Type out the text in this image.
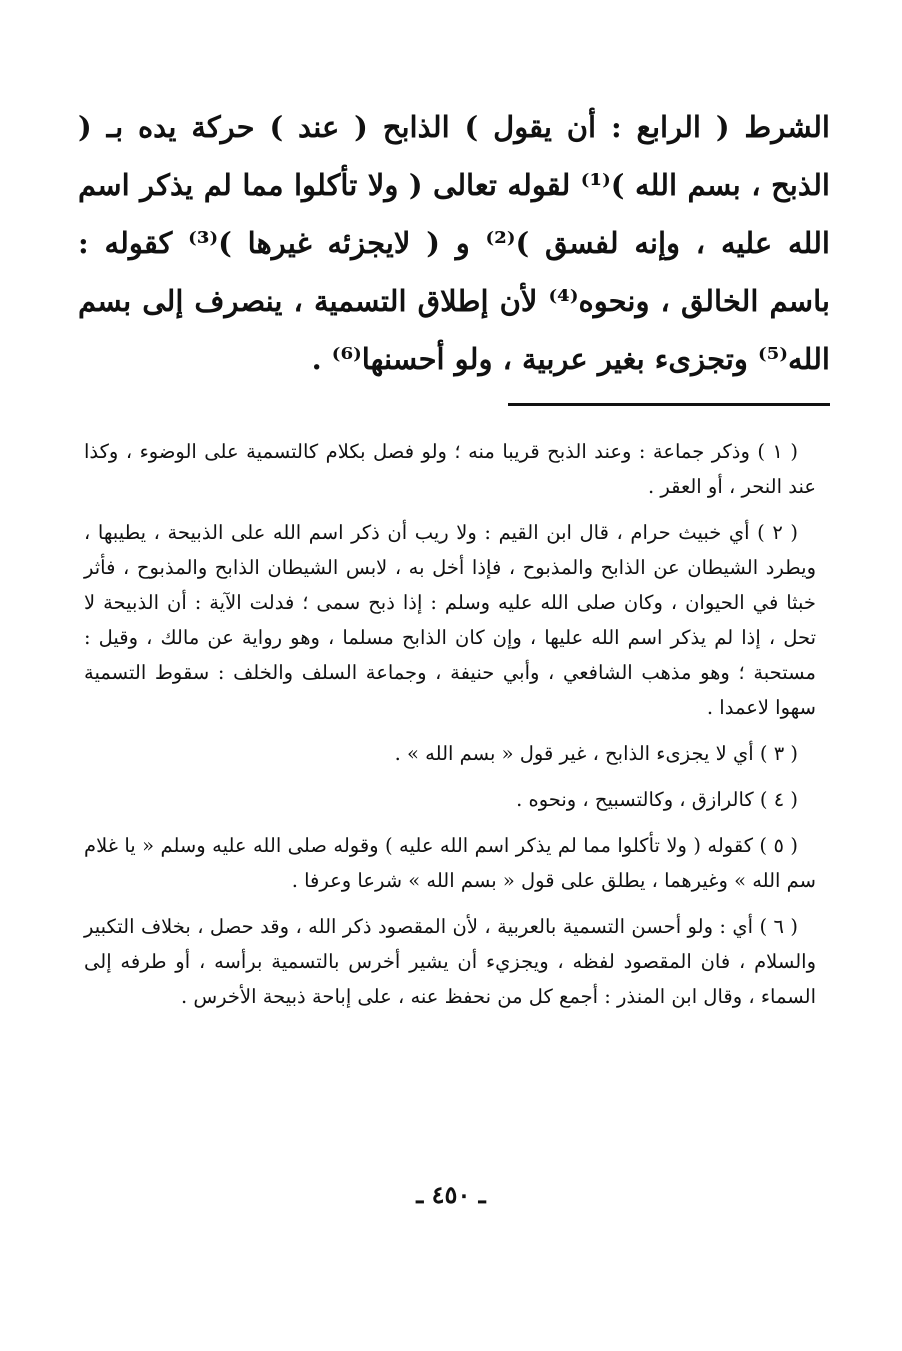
الشرط ( الرابع : أن يقول ) الذابح ( عند ) حركة يده بـ ( الذبح ، بسم الله )⁽¹⁾ لقوله تعالى ( ولا تأكلوا مما لم يذكر اسم الله عليه ، وإنه لفسق )⁽²⁾ و ( لايجزئه غيرها )⁽³⁾ كقوله : باسم الخالق ، ونحوه⁽⁴⁾ لأن إطلاق التسمية ، ينصرف إلى بسم الله⁽⁵⁾ وتجزىء بغير عربية ، ولو أحسنها⁽⁶⁾ .

( ١ ) وذكر جماعة : وعند الذبح قريبا منه ؛ ولو فصل بكلام كالتسمية على الوضوء ، وكذا عند النحر ، أو العقر .

( ٢ ) أي خبيث حرام ، قال ابن القيم : ولا ريب أن ذكر اسم الله على الذبيحة ، يطيبها ، ويطرد الشيطان عن الذابح والمذبوح ، فإذا أخل به ، لابس الشيطان الذابح والمذبوح ، فأثر خبثا في الحيوان ، وكان صلى الله عليه وسلم : إذا ذبح سمى ؛ فدلت الآية : أن الذبيحة لا تحل ، إذا لم يذكر اسم الله عليها ، وإن كان الذابح مسلما ، وهو رواية عن مالك ، وقيل : مستحبة ؛ وهو مذهب الشافعي ، وأبي حنيفة ، وجماعة السلف والخلف : سقوط التسمية سهوا لاعمدا .

( ٣ ) أي لا يجزىء الذابح ، غير قول « بسم الله » .

( ٤ ) كالرازق ، وكالتسبيح ، ونحوه .

( ٥ ) كقوله ( ولا تأكلوا مما لم يذكر اسم الله عليه ) وقوله صلى الله عليه وسلم « يا غلام سم الله » وغيرهما ، يطلق على قول « بسم الله » شرعا وعرفا .

( ٦ ) أي : ولو أحسن التسمية بالعربية ، لأن المقصود ذكر الله ، وقد حصل ، بخلاف التكبير والسلام ، فان المقصود لفظه ، ويجزيء أن يشير أخرس بالتسمية برأسه ، أو طرفه إلى السماء ، وقال ابن المنذر : أجمع كل من نحفظ عنه ، على إباحة ذبيحة الأخرس .

ـ ٤٥٠ ـ
